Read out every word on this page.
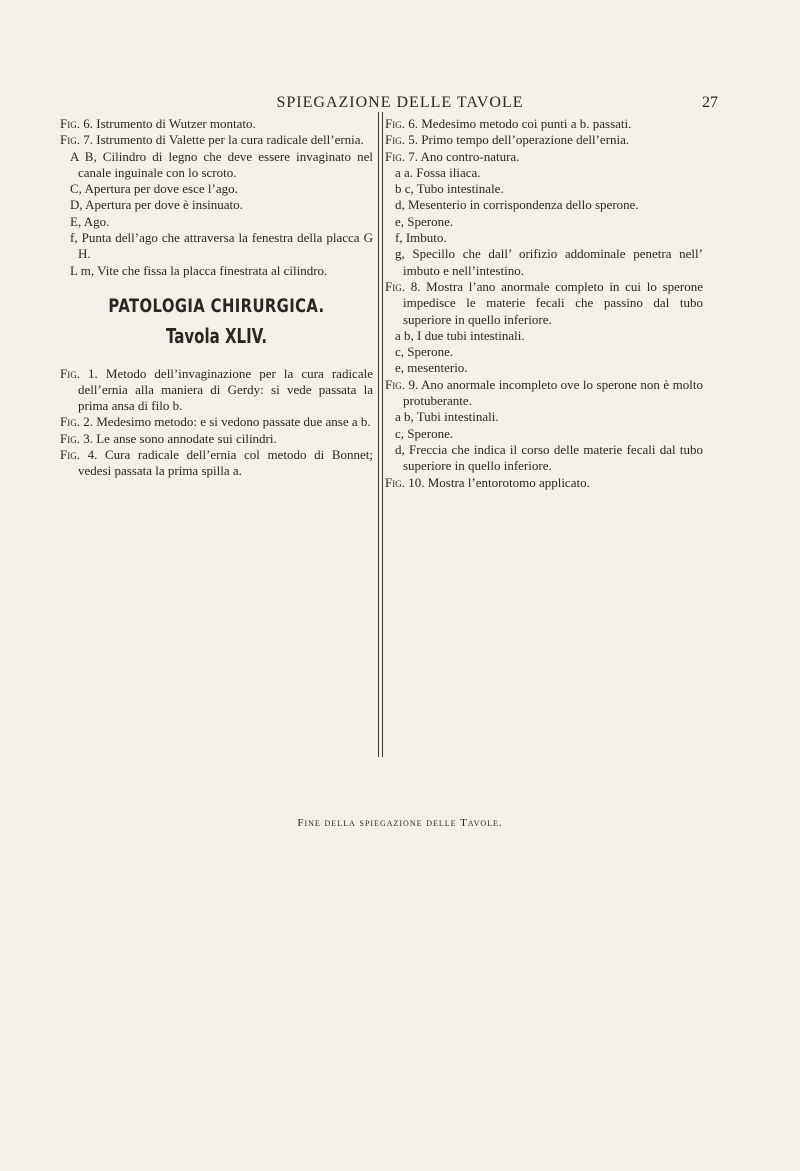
SPIEGAZIONE DELLE TAVOLE	27

Fig. 6. Istrumento di Wutzer montato.

Fig. 7. Istrumento di Valette per la cura radicale dell’ernia.

A B, Cilindro di legno che deve essere invaginato nel canale inguinale con lo scroto.

C, Apertura per dove esce l’ago.

D, Apertura per dove è insinuato.

E, Ago.

f, Punta dell’ago che attraversa la fenestra della placca G H.

L m, Vite che fissa la placca finestrata al cilindro.

PATOLOGIA CHIRURGICA.
Tavola XLIV.

Fig. 1. Metodo dell’invaginazione per la cura radicale dell’ernia alla maniera di Gerdy: si vede passata la prima ansa di filo b.

Fig. 2. Medesimo metodo: e si vedono passate due anse a b.

Fig. 3. Le anse sono annodate sui cilindri.

Fig. 4. Cura radicale dell’ernia col metodo di Bonnet; vedesi passata la prima spilla a.

Fig. 6. Medesimo metodo coi punti a b. passati.

Fig. 5. Primo tempo dell’operazione dell’ernia.

Fig. 7. Ano contro-natura.

a a. Fossa iliaca.

b c, Tubo intestinale.

d, Mesenterio in corrispondenza dello sperone.

e, Sperone.

f, Imbuto.

g, Specillo che dall’ orifizio addominale penetra nell’ imbuto e nell’intestino.

Fig. 8. Mostra l’ano anormale completo in cui lo sperone impedisce le materie fecali che passino dal tubo superiore in quello inferiore.

a b, I due tubi intestinali.

c, Sperone.

e, mesenterio.

Fig. 9. Ano anormale incompleto ove lo sperone non è molto protuberante.

a b, Tubi intestinali.

c, Sperone.

d, Freccia che indica il corso delle materie fecali dal tubo superiore in quello inferiore.

Fig. 10. Mostra l’entorotomo applicato.

Fine della spiegazione delle Tavole.
